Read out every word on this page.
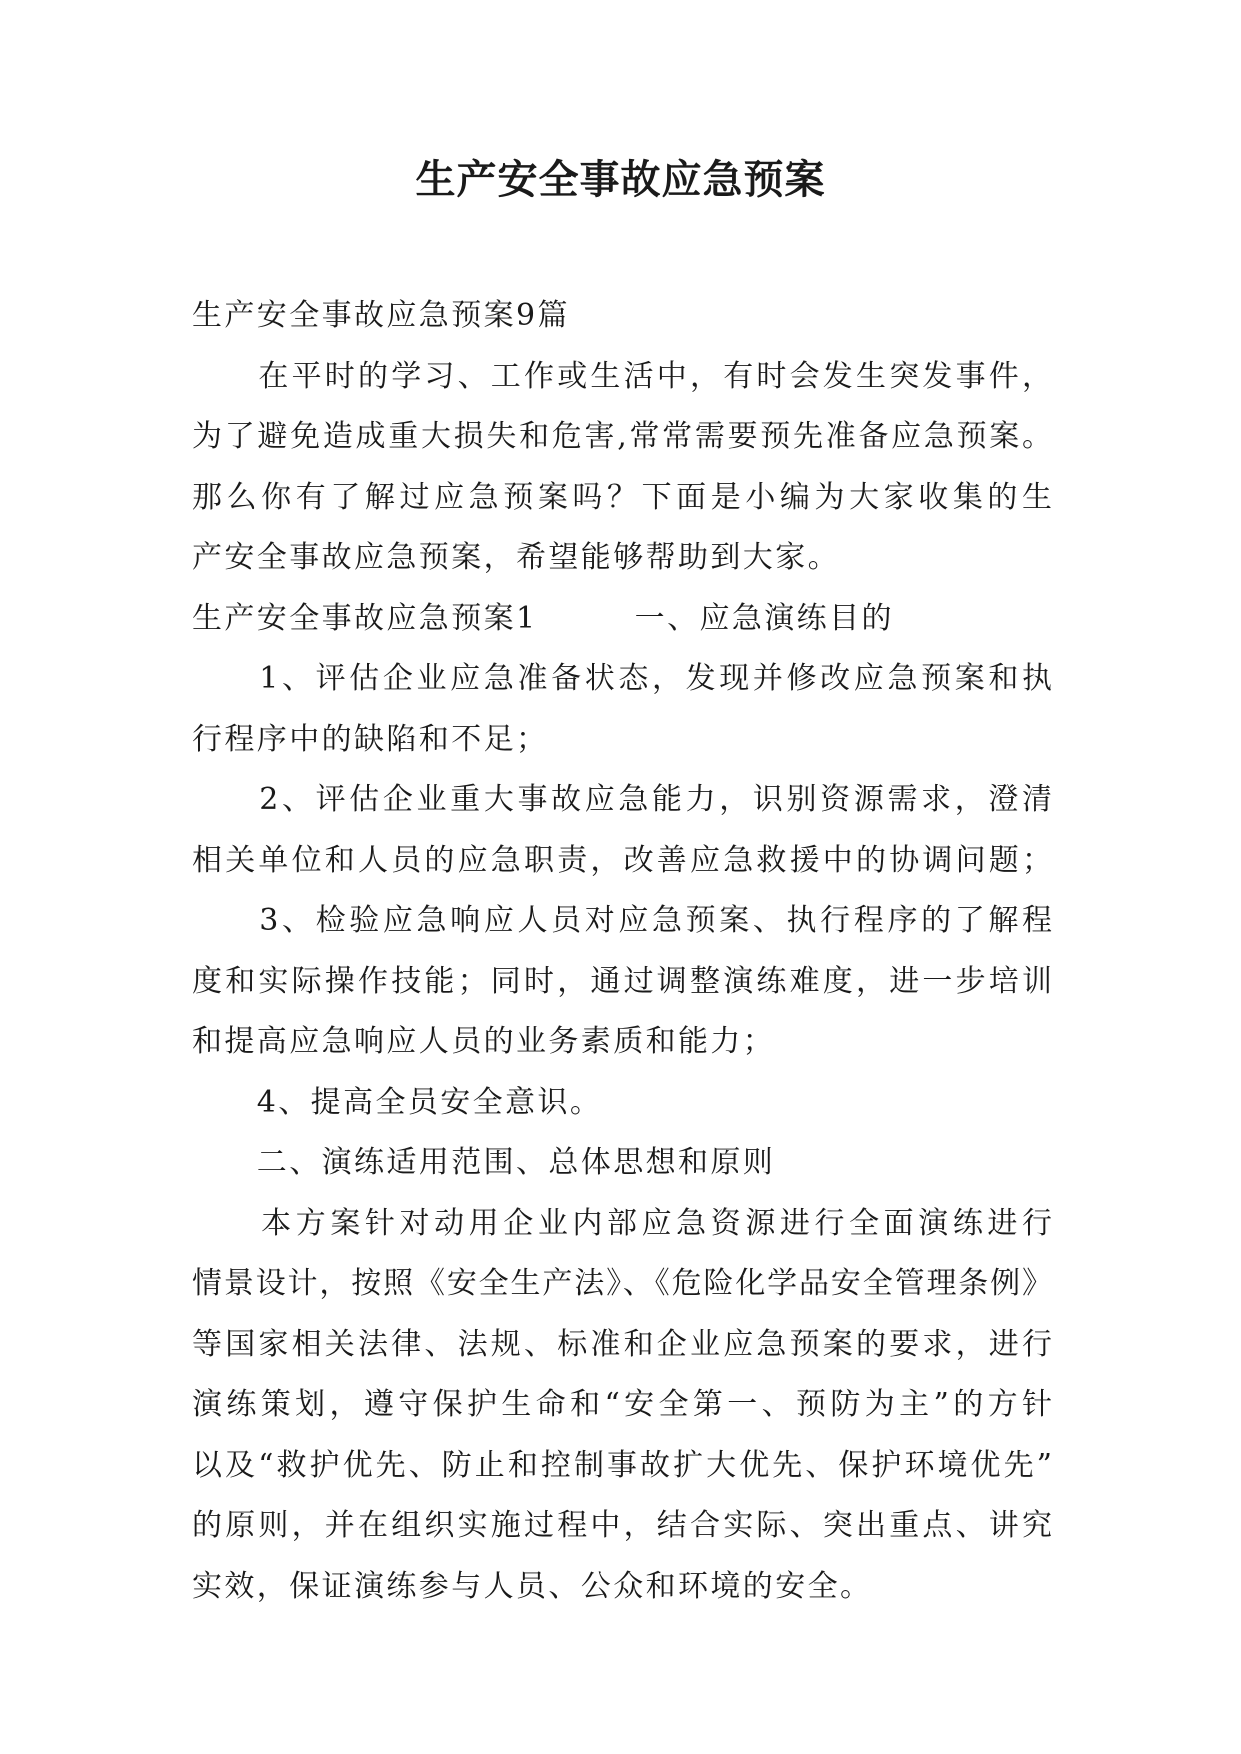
生产安全事故应急预案
生产安全事故应急预案9篇
　　在平时的学习、工作或生活中，有时会发生突发事件，
为了避免造成重大损失和危害,常常需要预先准备应急预案。
那么你有了解过应急预案吗？下面是小编为大家收集的生
产安全事故应急预案，希望能够帮助到大家。
生产安全事故应急预案1　　　一、应急演练目的
　　1、评估企业应急准备状态，发现并修改应急预案和执
行程序中的缺陷和不足；
　　2、评估企业重大事故应急能力，识别资源需求，澄清
相关单位和人员的应急职责，改善应急救援中的协调问题；
　　3、检验应急响应人员对应急预案、执行程序的了解程
度和实际操作技能；同时，通过调整演练难度，进一步培训
和提高应急响应人员的业务素质和能力；
　　4、提高全员安全意识。
　　二、演练适用范围、总体思想和原则
　　本方案针对动用企业内部应急资源进行全面演练进行
情景设计，按照《安全生产法》、《危险化学品安全管理条例》
等国家相关法律、法规、标准和企业应急预案的要求，进行
演练策划，遵守保护生命和“安全第一、预防为主”的方针
以及“救护优先、防止和控制事故扩大优先、保护环境优先”
的原则，并在组织实施过程中，结合实际、突出重点、讲究
实效，保证演练参与人员、公众和环境的安全。
